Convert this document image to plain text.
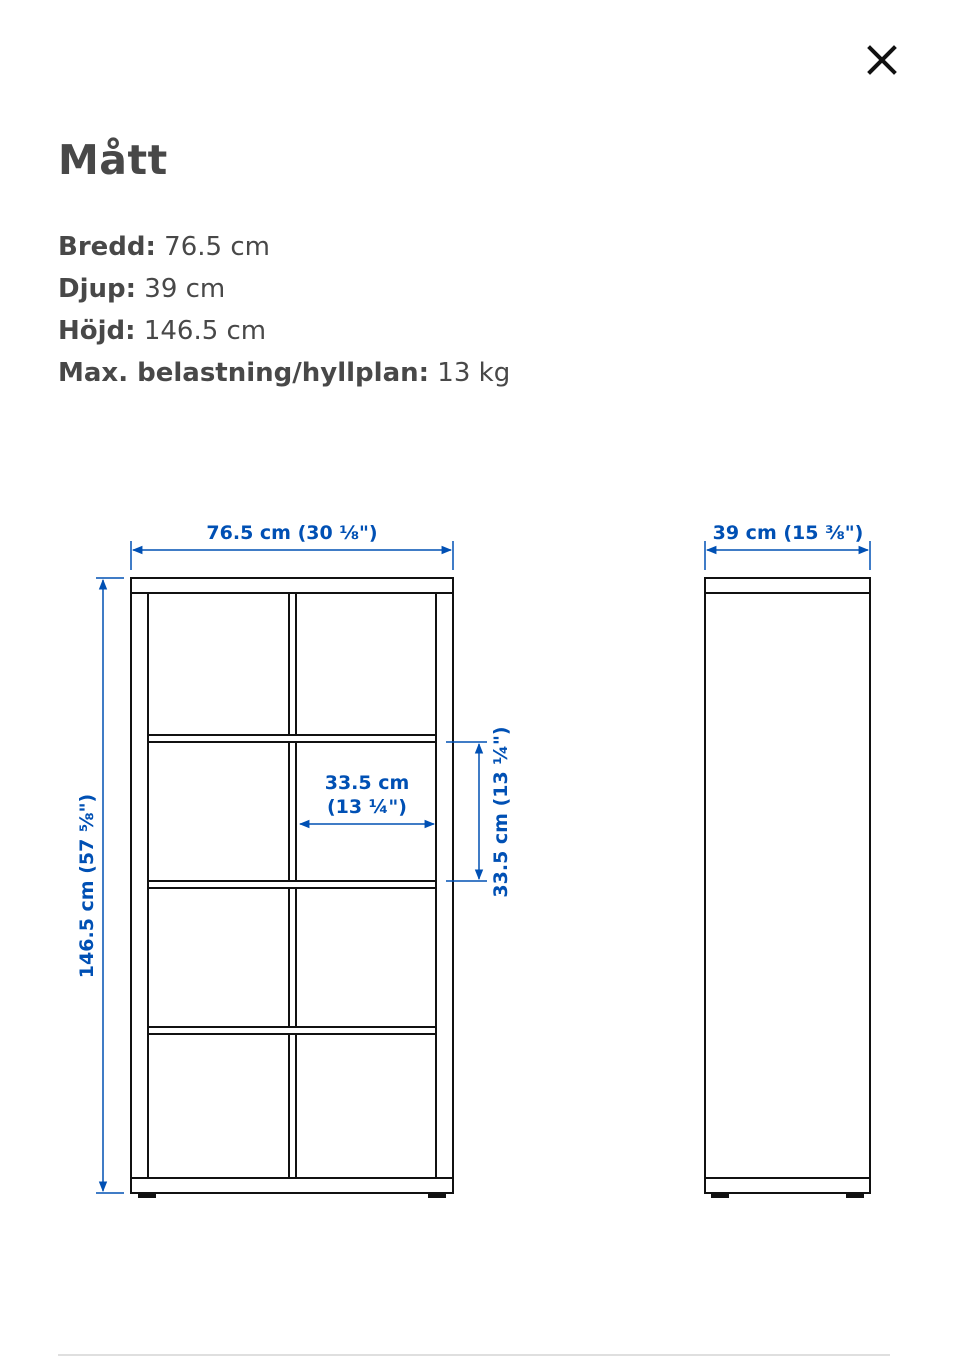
Mått
Bredd: 76.5 cm
Djup: 39 cm
Höjd: 146.5 cm
Max. belastning/hyllplan: 13 kg
76.5 cm (30 ⅛")	39 cm (15 ⅜")
146.5 cm (57 ⅝")
33.5 cm
(13 ¼")	33.5 cm (13 ¼")
